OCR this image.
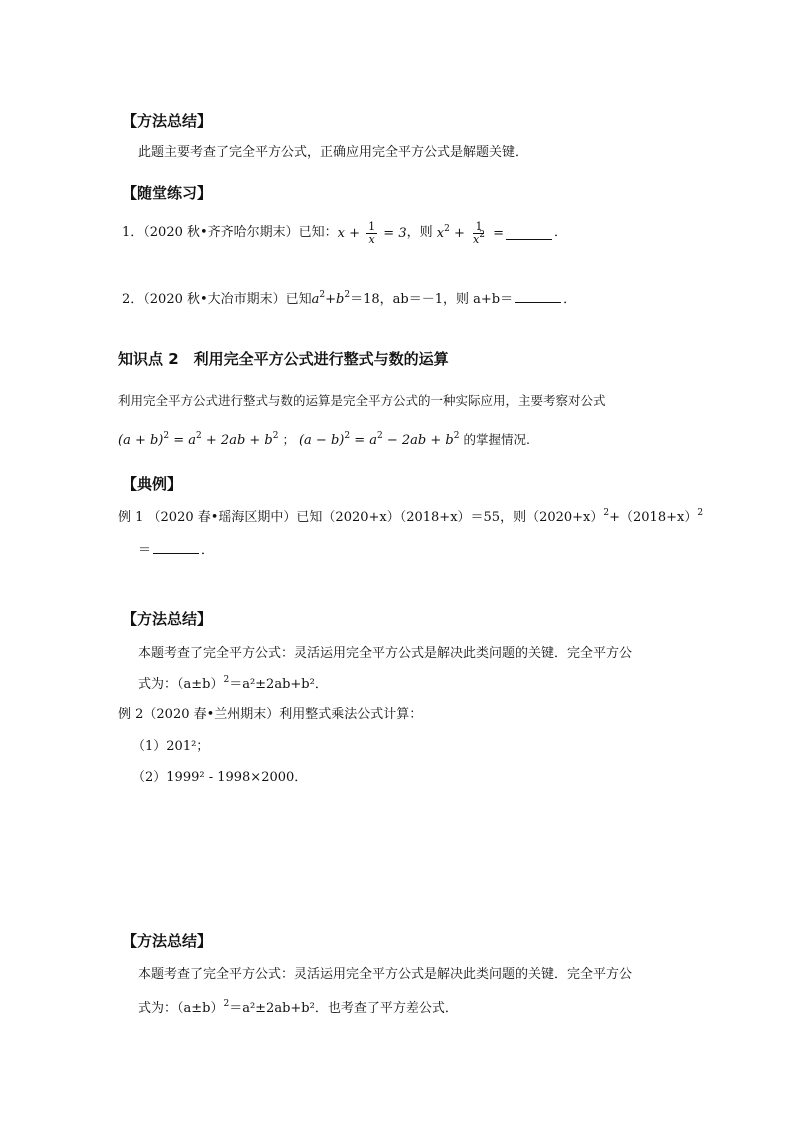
【方法总结】
此题主要考查了完全平方公式，正确应用完全平方公式是解题关键．
【随堂练习】
1．（2020 秋•齐齐哈尔期末）已知： $x + \frac{1}{x} = 3$ ，则 $x^2 + \frac{1}{x^2}$ =	．
2．（2020 秋•大冶市期末）已知$a^2+b^2=18$，ab＝－1，则 a+b＝	．
知识点 2　利用完全平方公式进行整式与数的运算
利用完全平方公式进行整式与数的运算是完全平方公式的一种实际应用，主要考察对公式
$(a + b)^2 = a^2 + 2ab + b^2$ ； $(a - b)^2 = a^2 - 2ab + b^2$ 的掌握情况.
【典例】
例 1 （2020 春•瑶海区期中）已知（2020+x）（2018+x）＝55，则$(2020+x)^2+(2018+x)^2$
＝	．
【方法总结】
本题考查了完全平方公式：灵活运用完全平方公式是解决此类问题的关键．完全平方公
式为：$(a\pm b)^2=a^2\pm 2ab+b^2$．
例 2（2020 春•兰州期末）利用整式乘法公式计算：
（1）201²；
（2）1999² - 1998×2000．
【方法总结】
本题考查了完全平方公式：灵活运用完全平方公式是解决此类问题的关键．完全平方公
式为：$(a\pm b)^2=a^2\pm 2ab+b^2$．也考查了平方差公式．
